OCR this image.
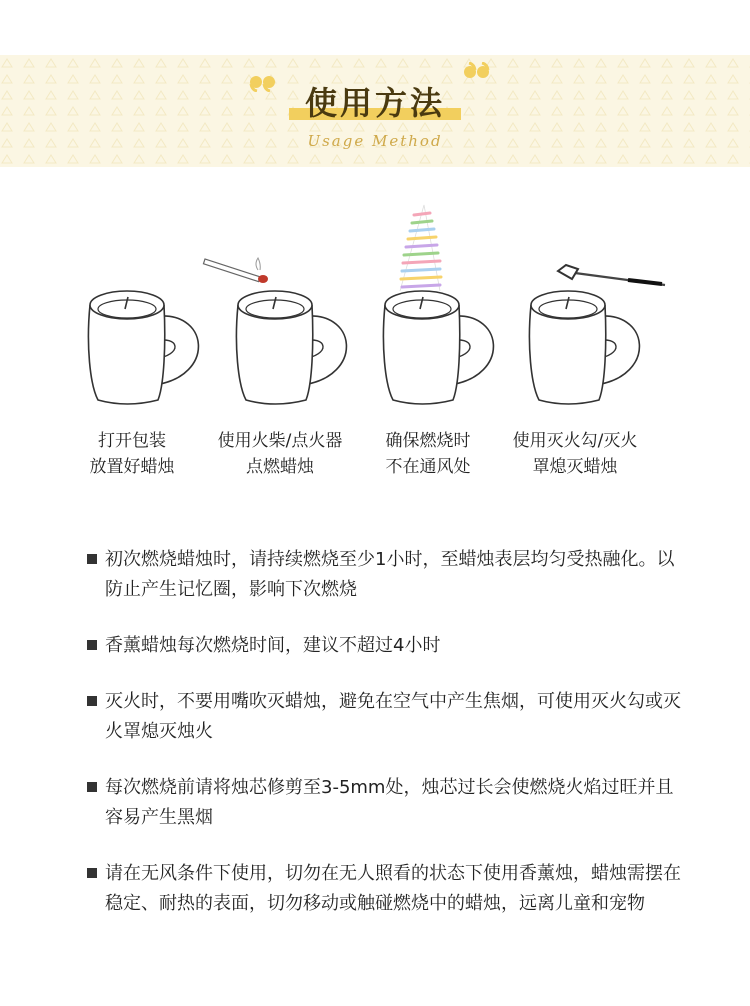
使用方法
Usage Method
打开包装
放置好蜡烛
使用火柴/点火器
点燃蜡烛
确保燃烧时
不在通风处
使用灭火勾/灭火
罩熄灭蜡烛
初次燃烧蜡烛时，请持续燃烧至少1小时，至蜡烛表层均匀受热融化。以防止产生记忆圈，影响下次燃烧
香薰蜡烛每次燃烧时间，建议不超过4小时
灭火时，不要用嘴吹灭蜡烛，避免在空气中产生焦烟，可使用灭火勾或灭火罩熄灭烛火
每次燃烧前请将烛芯修剪至3-5mm处，烛芯过长会使燃烧火焰过旺并且容易产生黑烟
请在无风条件下使用，切勿在无人照看的状态下使用香薰烛，蜡烛需摆在稳定、耐热的表面，切勿移动或触碰燃烧中的蜡烛，远离儿童和宠物
